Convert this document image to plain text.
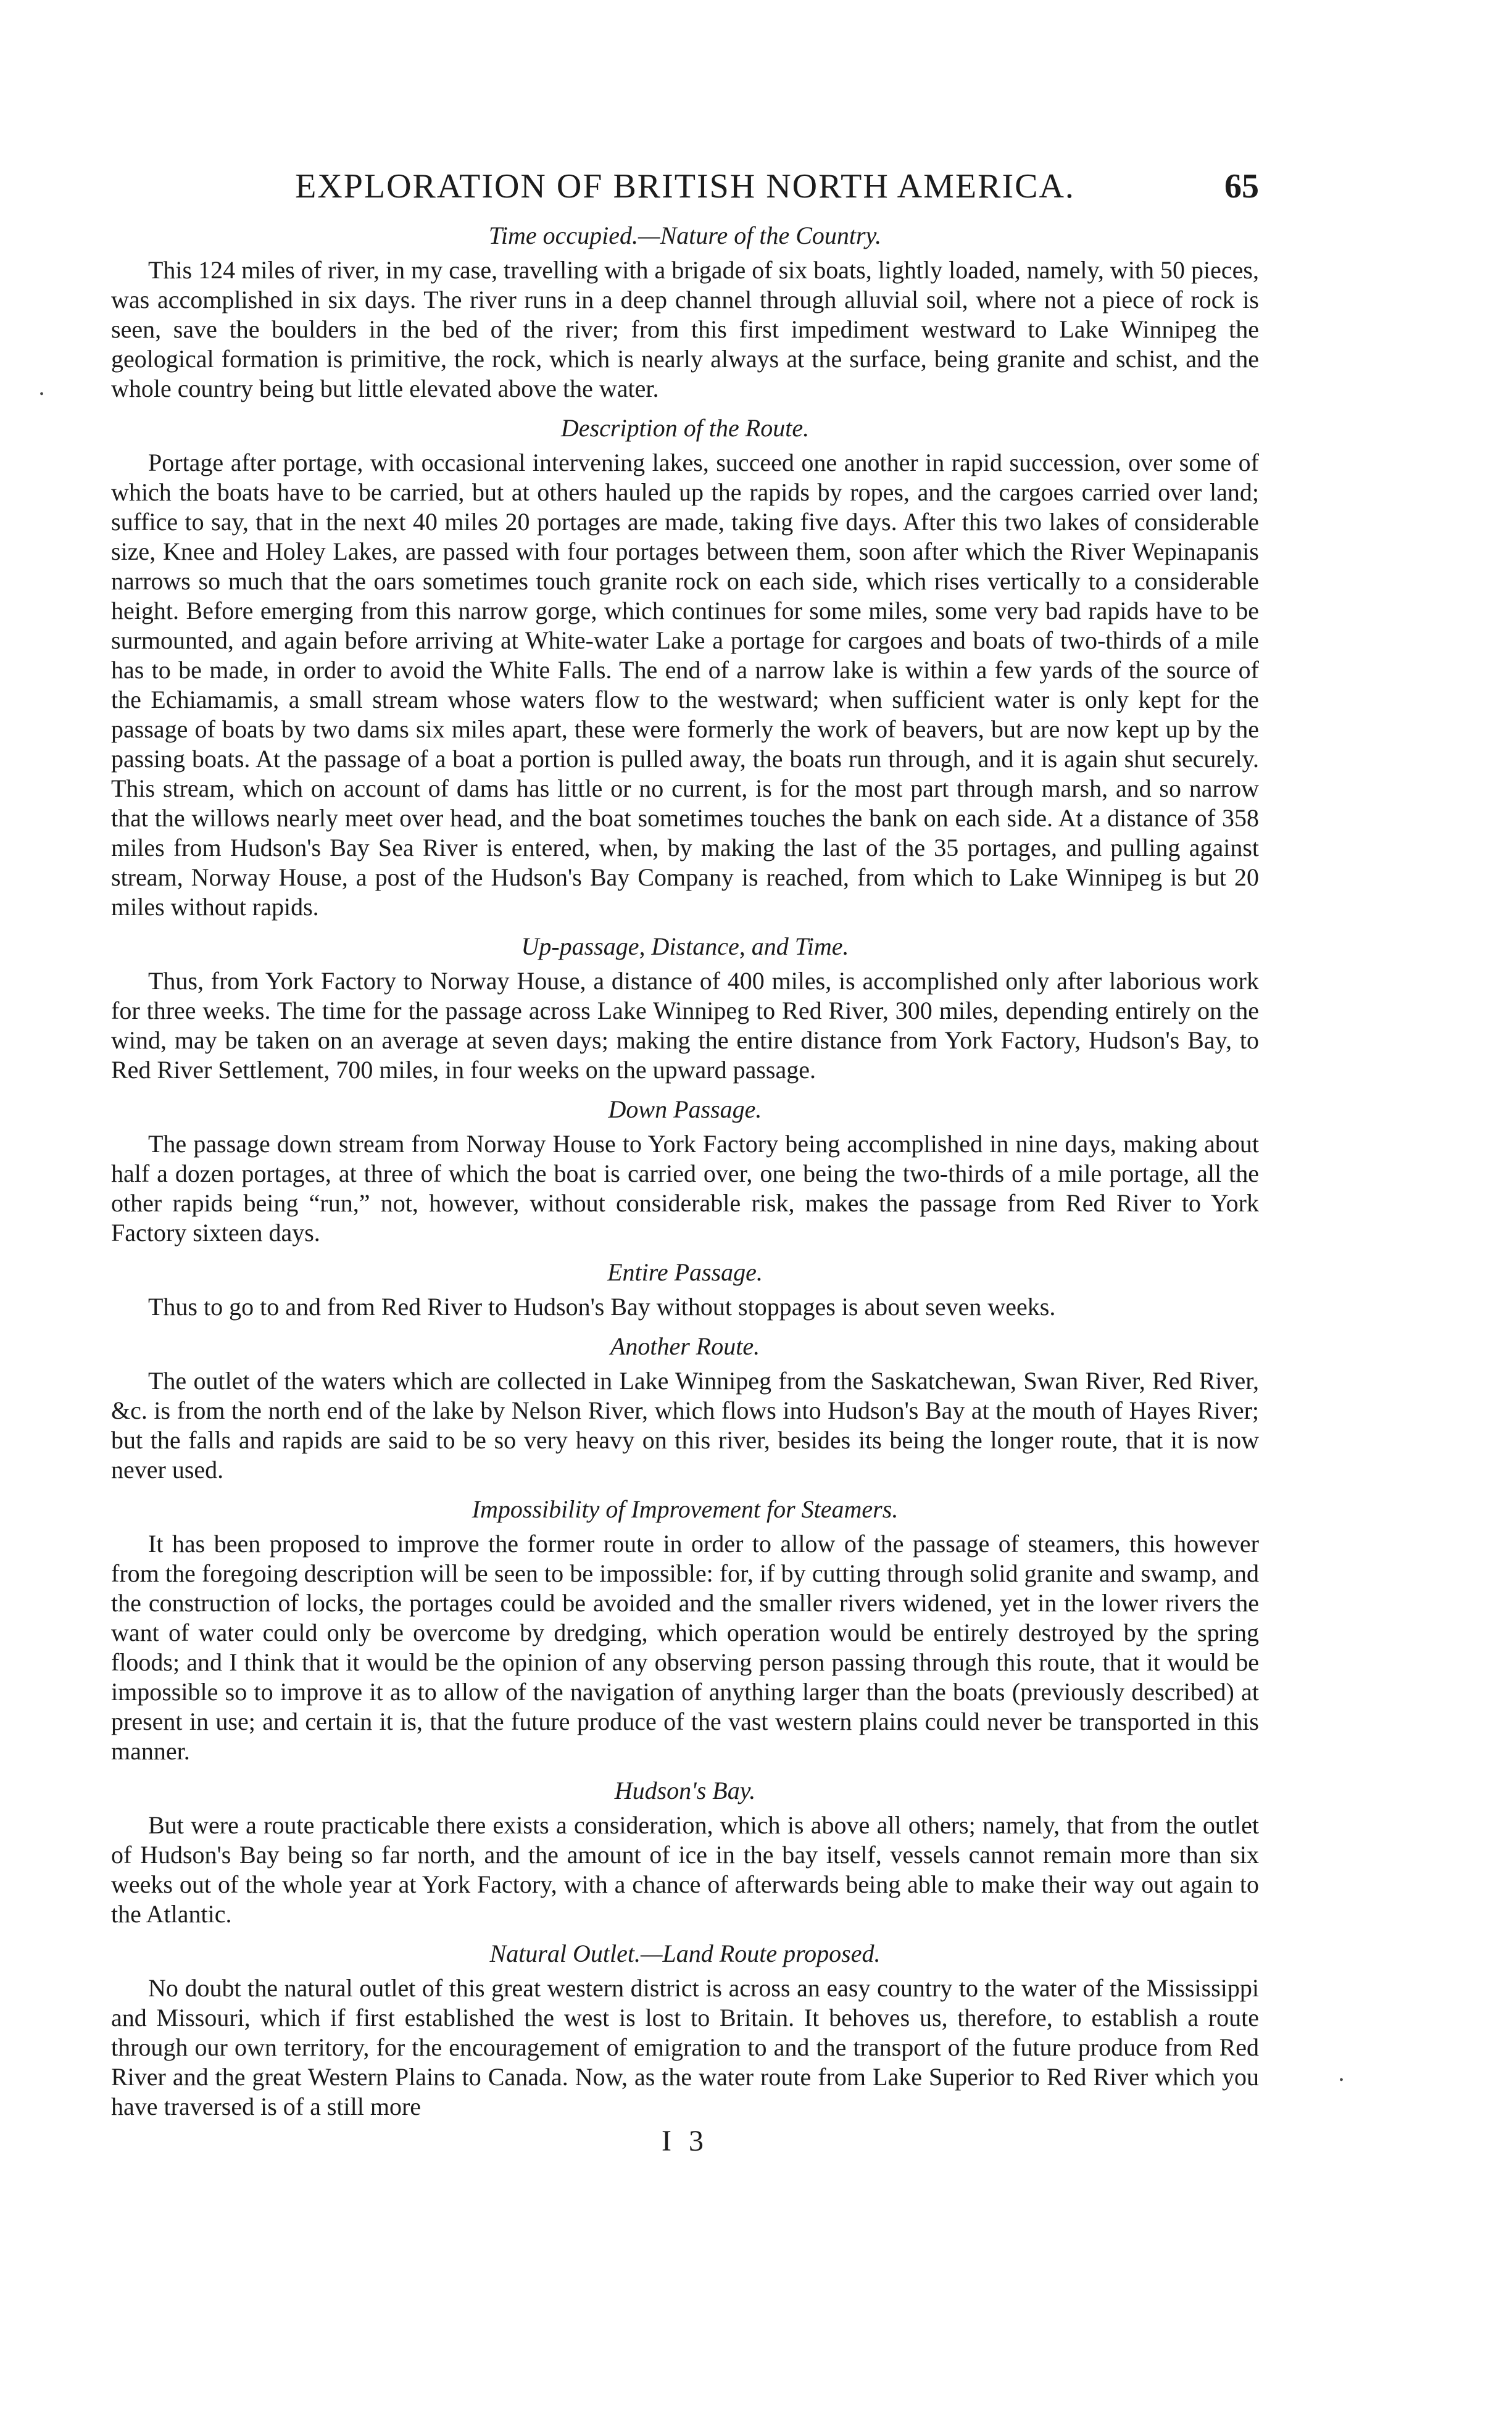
•
•
EXPLORATION OF BRITISH NORTH AMERICA.	65
Time occupied.—Nature of the Country.

This 124 miles of river, in my case, travelling with a brigade of six boats, lightly loaded, namely, with 50 pieces, was accomplished in six days. The river runs in a deep channel through alluvial soil, where not a piece of rock is seen, save the boulders in the bed of the river; from this first impediment westward to Lake Winnipeg the geological formation is primitive, the rock, which is nearly always at the surface, being granite and schist, and the whole country being but little elevated above the water.

Description of the Route.

Portage after portage, with occasional intervening lakes, succeed one another in rapid succession, over some of which the boats have to be carried, but at others hauled up the rapids by ropes, and the cargoes carried over land; suffice to say, that in the next 40 miles 20 portages are made, taking five days. After this two lakes of considerable size, Knee and Holey Lakes, are passed with four portages between them, soon after which the River Wepinapanis narrows so much that the oars sometimes touch granite rock on each side, which rises vertically to a considerable height. Before emerging from this narrow gorge, which continues for some miles, some very bad rapids have to be surmounted, and again before arriving at White-water Lake a portage for cargoes and boats of two-thirds of a mile has to be made, in order to avoid the White Falls. The end of a narrow lake is within a few yards of the source of the Echiamamis, a small stream whose waters flow to the westward; when sufficient water is only kept for the passage of boats by two dams six miles apart, these were formerly the work of beavers, but are now kept up by the passing boats. At the passage of a boat a portion is pulled away, the boats run through, and it is again shut securely. This stream, which on account of dams has little or no current, is for the most part through marsh, and so narrow that the willows nearly meet over head, and the boat sometimes touches the bank on each side. At a distance of 358 miles from Hudson's Bay Sea River is entered, when, by making the last of the 35 portages, and pulling against stream, Norway House, a post of the Hudson's Bay Company is reached, from which to Lake Winnipeg is but 20 miles without rapids.

Up-passage, Distance, and Time.

Thus, from York Factory to Norway House, a distance of 400 miles, is accomplished only after laborious work for three weeks. The time for the passage across Lake Winnipeg to Red River, 300 miles, depending entirely on the wind, may be taken on an average at seven days; making the entire distance from York Factory, Hudson's Bay, to Red River Settlement, 700 miles, in four weeks on the upward passage.

Down Passage.

The passage down stream from Norway House to York Factory being accomplished in nine days, making about half a dozen portages, at three of which the boat is carried over, one being the two-thirds of a mile portage, all the other rapids being “run,” not, however, without considerable risk, makes the passage from Red River to York Factory sixteen days.

Entire Passage.

Thus to go to and from Red River to Hudson's Bay without stoppages is about seven weeks.

Another Route.

The outlet of the waters which are collected in Lake Winnipeg from the Saskatchewan, Swan River, Red River, &c. is from the north end of the lake by Nelson River, which flows into Hudson's Bay at the mouth of Hayes River; but the falls and rapids are said to be so very heavy on this river, besides its being the longer route, that it is now never used.

Impossibility of Improvement for Steamers.

It has been proposed to improve the former route in order to allow of the passage of steamers, this however from the foregoing description will be seen to be impossible: for, if by cutting through solid granite and swamp, and the construction of locks, the portages could be avoided and the smaller rivers widened, yet in the lower rivers the want of water could only be overcome by dredging, which operation would be entirely destroyed by the spring floods; and I think that it would be the opinion of any observing person passing through this route, that it would be impossible so to improve it as to allow of the navigation of anything larger than the boats (previously described) at present in use; and certain it is, that the future produce of the vast western plains could never be transported in this manner.

Hudson's Bay.

But were a route practicable there exists a consideration, which is above all others; namely, that from the outlet of Hudson's Bay being so far north, and the amount of ice in the bay itself, vessels cannot remain more than six weeks out of the whole year at York Factory, with a chance of afterwards being able to make their way out again to the Atlantic.

Natural Outlet.—Land Route proposed.

No doubt the natural outlet of this great western district is across an easy country to the water of the Mississippi and Missouri, which if first established the west is lost to Britain. It behoves us, therefore, to establish a route through our own territory, for the encouragement of emigration to and the transport of the future produce from Red River and the great Western Plains to Canada. Now, as the water route from Lake Superior to Red River which you have traversed is of a still more

I 3
